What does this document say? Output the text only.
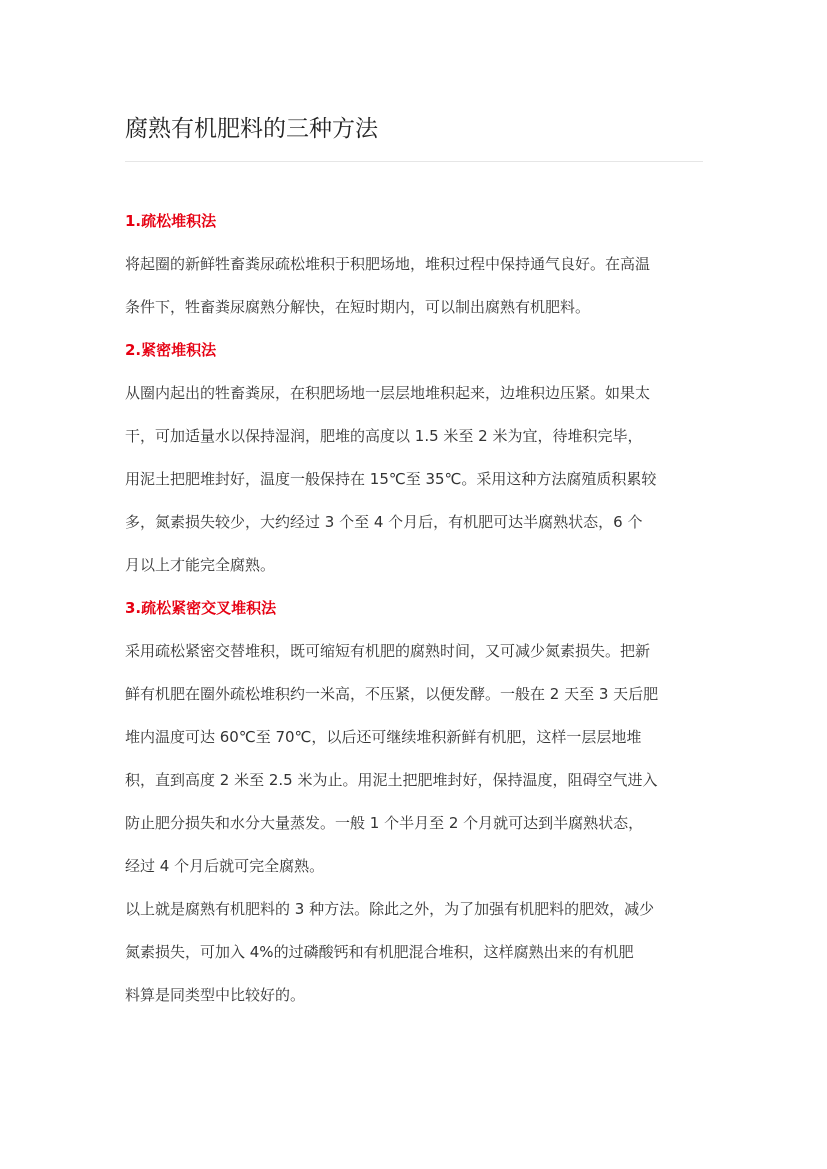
腐熟有机肥料的三种方法
1.疏松堆积法
将起圈的新鲜牲畜粪尿疏松堆积于积肥场地，堆积过程中保持通气良好。在高温
条件下，牲畜粪尿腐熟分解快，在短时期内，可以制出腐熟有机肥料。
2.紧密堆积法
从圈内起出的牲畜粪尿，在积肥场地一层层地堆积起来，边堆积边压紧。如果太
干，可加适量水以保持湿润，肥堆的高度以 1.5 米至 2 米为宜，待堆积完毕，
用泥土把肥堆封好，温度一般保持在 15℃至 35℃。采用这种方法腐殖质积累较
多，氮素损失较少，大约经过 3 个至 4 个月后，有机肥可达半腐熟状态，6 个
月以上才能完全腐熟。
3.疏松紧密交叉堆积法
采用疏松紧密交替堆积，既可缩短有机肥的腐熟时间，又可减少氮素损失。把新
鲜有机肥在圈外疏松堆积约一米高，不压紧，以便发酵。一般在 2 天至 3 天后肥
堆内温度可达 60℃至 70℃，以后还可继续堆积新鲜有机肥，这样一层层地堆
积，直到高度 2 米至 2.5 米为止。用泥土把肥堆封好，保持温度，阻碍空气进入
防止肥分损失和水分大量蒸发。一般 1 个半月至 2 个月就可达到半腐熟状态，
经过 4 个月后就可完全腐熟。
以上就是腐熟有机肥料的 3 种方法。除此之外，为了加强有机肥料的肥效，减少
氮素损失，可加入 4%的过磷酸钙和有机肥混合堆积，这样腐熟出来的有机肥
料算是同类型中比较好的。
